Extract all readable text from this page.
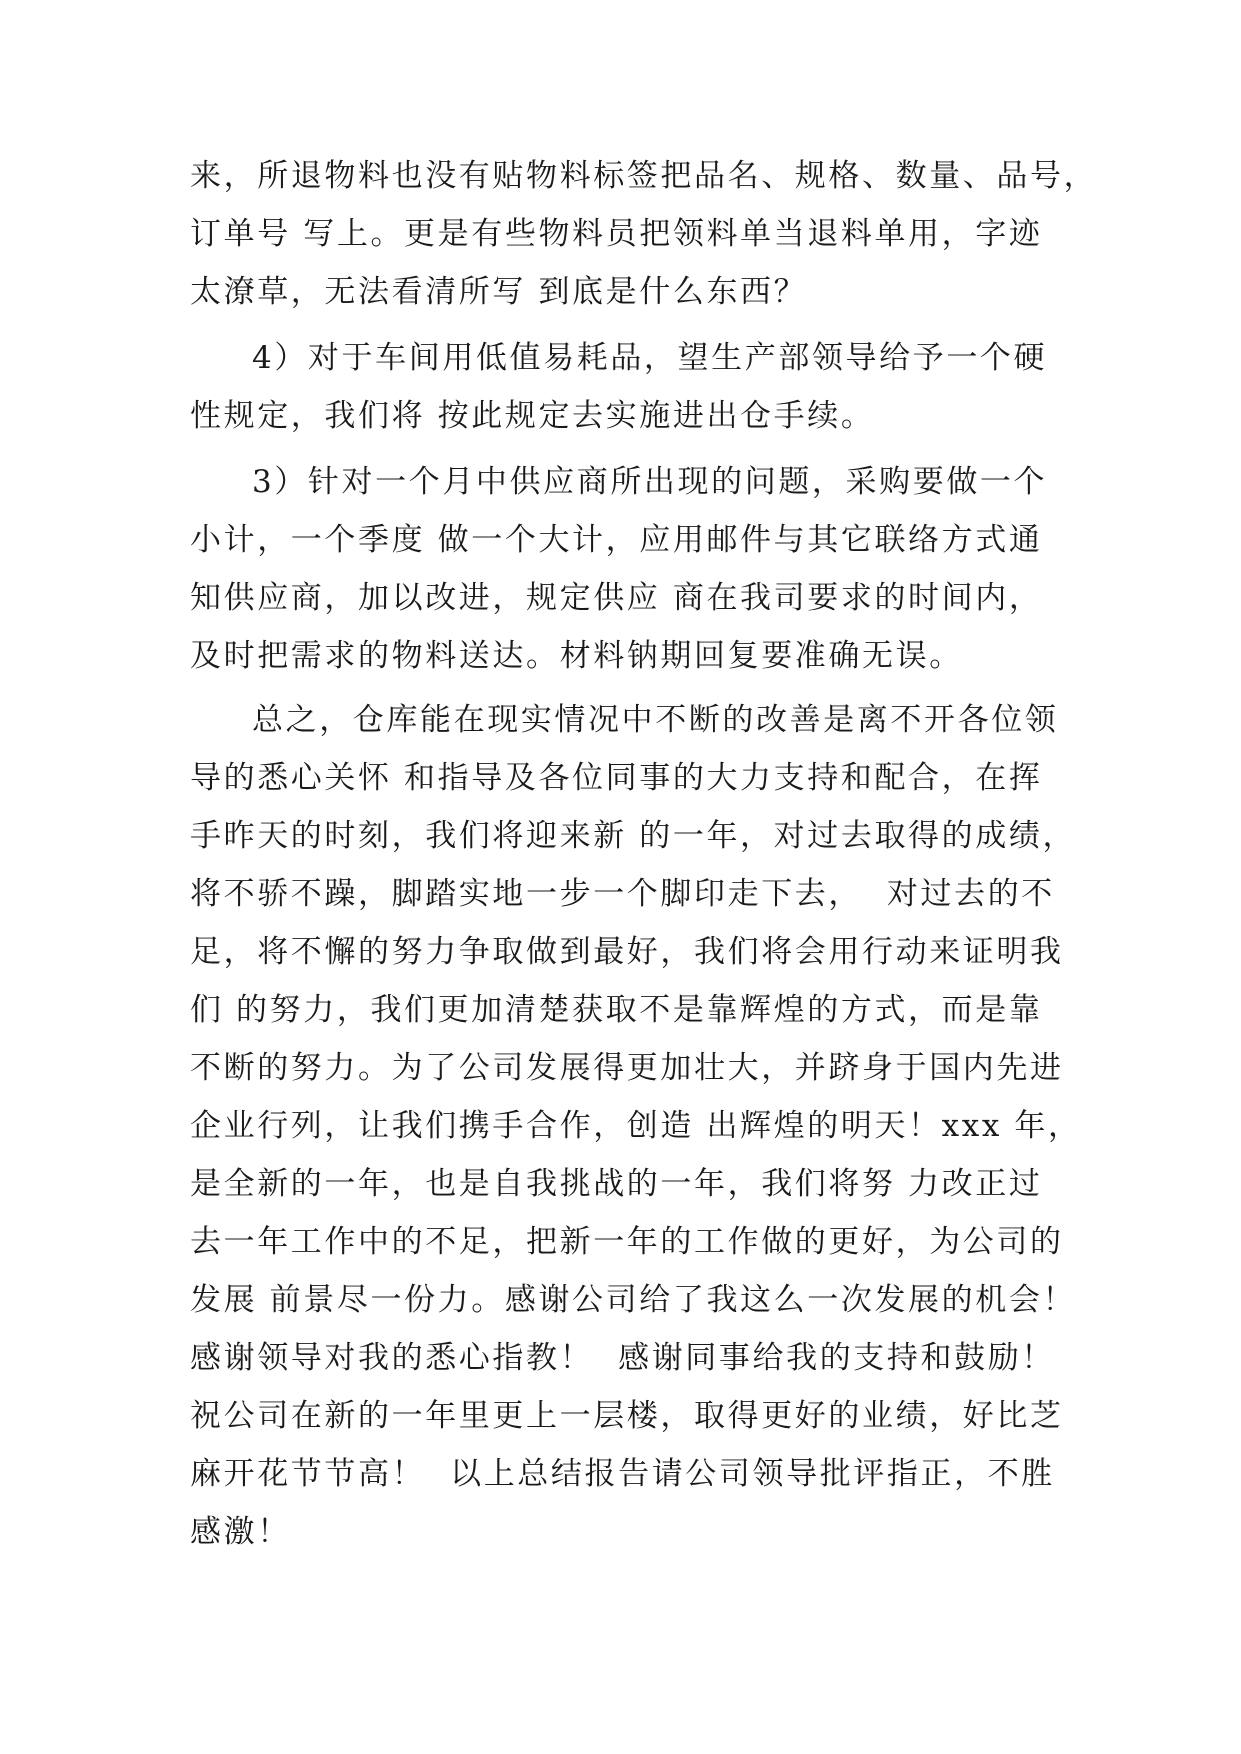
来，所退物料也没有贴物料标签把品名、规格、数量、品号，
订单号 写上。更是有些物料员把领料单当退料单用，字迹
太潦草，无法看清所写 到底是什么东西？
4）对于车间用低值易耗品，望生产部领导给予一个硬
性规定，我们将 按此规定去实施进出仓手续。
3）针对一个月中供应商所出现的问题，采购要做一个
小计，一个季度 做一个大计，应用邮件与其它联络方式通
知供应商，加以改进，规定供应 商在我司要求的时间内，
及时把需求的物料送达。材料钠期回复要准确无误。
总之，仓库能在现实情况中不断的改善是离不开各位领
导的悉心关怀 和指导及各位同事的大力支持和配合，在挥
手昨天的时刻，我们将迎来新 的一年，对过去取得的成绩，
将不骄不躁，脚踏实地一步一个脚印走下去，  对过去的不
足，将不懈的努力争取做到最好，我们将会用行动来证明我
们 的努力，我们更加清楚获取不是靠辉煌的方式，而是靠
不断的努力。为了公司发展得更加壮大，并跻身于国内先进
企业行列，让我们携手合作，创造 出辉煌的明天！xxx 年，
是全新的一年，也是自我挑战的一年，我们将努 力改正过
去一年工作中的不足，把新一年的工作做的更好，为公司的
发展 前景尽一份力。感谢公司给了我这么一次发展的机会！
感谢领导对我的悉心指教！  感谢同事给我的支持和鼓励！
祝公司在新的一年里更上一层楼，取得更好的业绩，好比芝
麻开花节节高！  以上总结报告请公司领导批评指正，不胜
感激！
